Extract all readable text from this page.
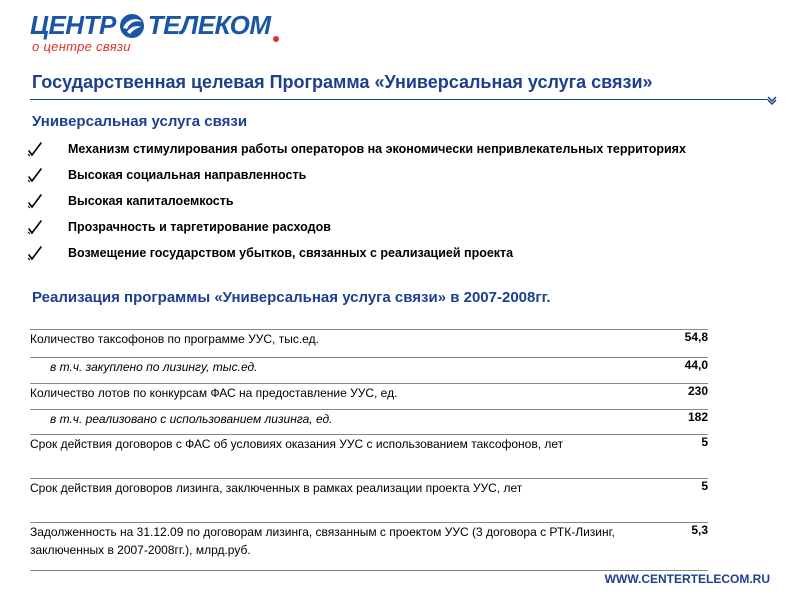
ЦЕНТР ТЕЛЕКОМ
о центре связи
Государственная целевая Программа «Универсальная услуга связи»
Универсальная услуга связи
Механизм стимулирования работы операторов на экономически непривлекательных территориях
Высокая социальная направленность
Высокая капиталоемкость
Прозрачность и таргетирование расходов
Возмещение государством убытков, связанных с реализацией проекта
Реализация программы «Универсальная услуга связи» в 2007-2008гг.
Количество таксофонов по программе УУС, тыс.ед.	54,8
в т.ч. закуплено по лизингу, тыс.ед.	44,0
Количество лотов по конкурсам ФАС на предоставление УУС, ед.	230
в т.ч. реализовано с использованием лизинга, ед.	182
Срок действия договоров с ФАС об условиях оказания УУС с использованием таксофонов, лет	5
Срок действия договоров лизинга, заключенных в рамках реализации проекта УУС, лет	5
Задолженность на 31.12.09 по договорам лизинга, связанным с проектом УУС (3 договора с РТК-Лизинг, заключенных в 2007-2008гг.), млрд.руб.	5,3
WWW.CENTERTELECOM.RU
